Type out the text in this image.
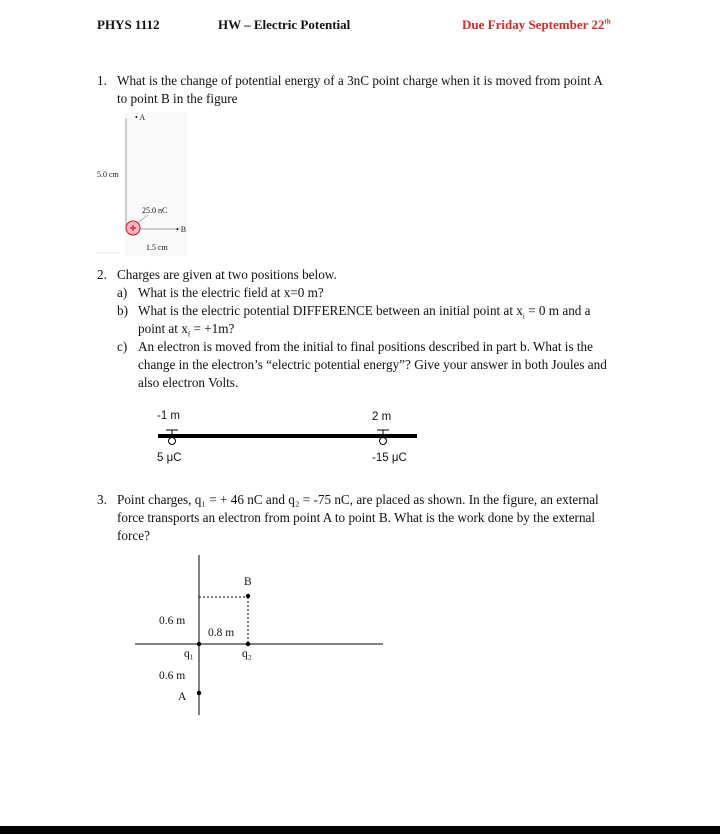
PHYS 1112	HW – Electric Potential	Due Friday September 22th
1. What is the change of potential energy of a 3nC point charge when it is moved from point A
to point B in the figure
• A
5.0 cm
25.0 nC
• B
1.5 cm
2. Charges are given at two positions below.
a) What is the electric field at x=0 m?
b) What is the electric potential DIFFERENCE between an initial point at $x_i = 0$ m and a
point at $x_f = +1m$?
c) An electron is moved from the initial to final positions described in part b. What is the
change in the electron’s “electric potential energy”? Give your answer in both Joules and
also electron Volts.
-1 m	2 m
5 μC	-15 μC
3. Point charges, q₁ = + 46 nC and q₂ = -75 nC, are placed as shown. In the figure, an external
force transports an electron from point A to point B. What is the work done by the external
force?
B
0.6 m
0.8 m
q₁	q₂
0.6 m
A
